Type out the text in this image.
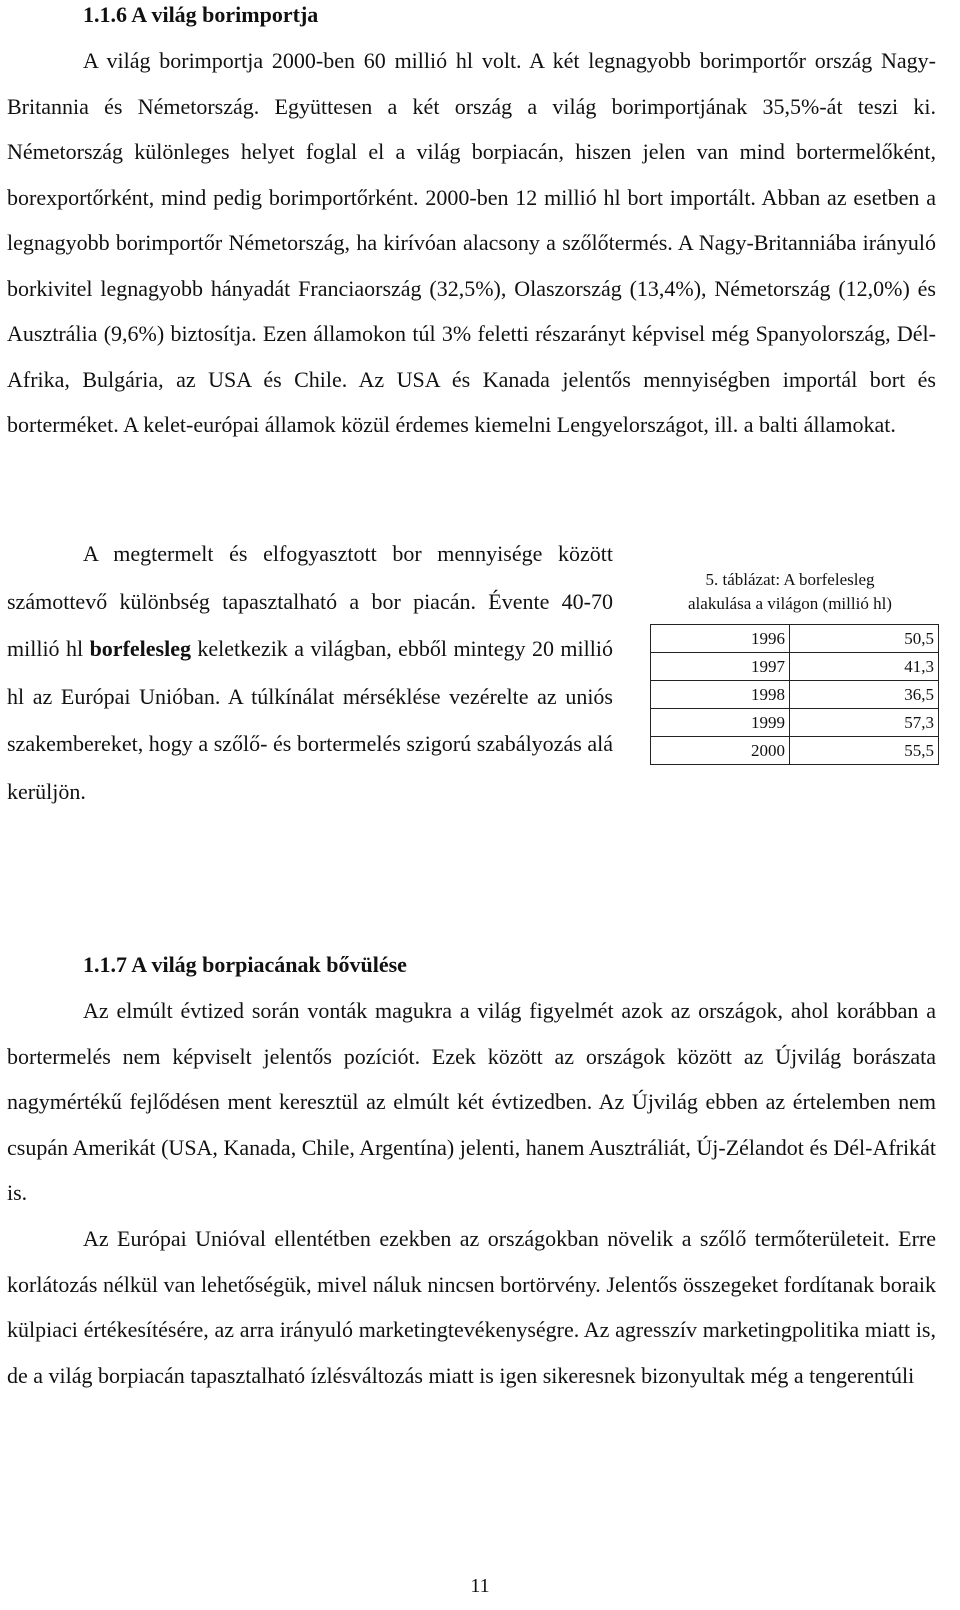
1.1.6 A világ borimportja

A világ borimportja 2000-ben 60 millió hl volt. A két legnagyobb borimportőr ország Nagy-Britannia és Németország. Együttesen a két ország a világ borimportjának 35,5%-át teszi ki. Németország különleges helyet foglal el a világ borpiacán, hiszen jelen van mind bortermelőként, borexportőrként, mind pedig borimportőrként. 2000-ben 12 millió hl bort importált. Abban az esetben a legnagyobb borimportőr Németország, ha kirívóan alacsony a szőlőtermés. A Nagy-Britanniába irányuló borkivitel legnagyobb hányadát Franciaország (32,5%), Olaszország (13,4%), Németország (12,0%) és Ausztrália (9,6%) biztosítja. Ezen államokon túl 3% feletti részarányt képvisel még Spanyolország, Dél-Afrika, Bulgária, az USA és Chile. Az USA és Kanada jelentős mennyiségben importál bort és borterméket. A kelet-európai államok közül érdemes kiemelni Lengyelországot, ill. a balti államokat.

A megtermelt és elfogyasztott bor mennyisége között számottevő különbség tapasztalható a bor piacán. Évente 40-70 millió hl borfelesleg keletkezik a világban, ebből mintegy 20 millió hl az Európai Unióban. A túlkínálat mérséklése vezérelte az uniós szakembereket, hogy a szőlő- és bortermelés szigorú szabályozás alá kerüljön.

5. táblázat: A borfelesleg
alakulása a világon (millió hl)
1996	50,5
1997	41,3
1998	36,5
1999	57,3
2000	55,5
1.1.7 A világ borpiacának bővülése

Az elmúlt évtized során vonták magukra a világ figyelmét azok az országok, ahol korábban a bortermelés nem képviselt jelentős pozíciót. Ezek között az országok között az Újvilág borászata nagymértékű fejlődésen ment keresztül az elmúlt két évtizedben. Az Újvilág ebben az értelemben nem csupán Amerikát (USA, Kanada, Chile, Argentína) jelenti, hanem Ausztráliát, Új-Zélandot és Dél-Afrikát is.

Az Európai Unióval ellentétben ezekben az országokban növelik a szőlő termőterületeit. Erre korlátozás nélkül van lehetőségük, mivel náluk nincsen bortörvény. Jelentős összegeket fordítanak boraik külpiaci értékesítésére, az arra irányuló marketingtevékenységre. Az agresszív marketingpolitika miatt is, de a világ borpiacán tapasztalható ízlésváltozás miatt is igen sikeresnek bizonyultak még a tengerentúli

11
